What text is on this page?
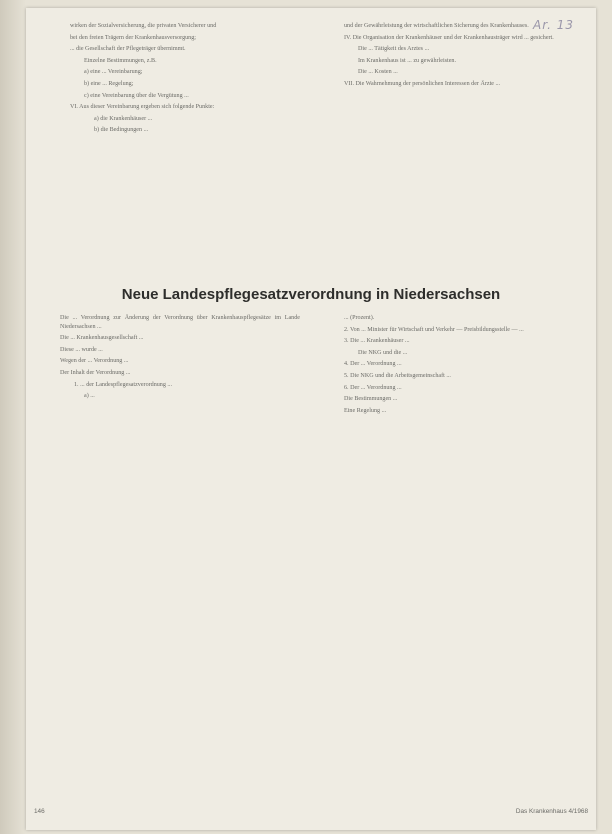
Ar. 13

wirken der Sozialversicherung, die privaten Versicherer und

bei den freien Trägern der Krankenhausversorgung;

... die Gesellschaft der Pflegeträger übernimmt.

Einzelne Bestimmungen, z.B.

a) eine ... Vereinbarung;

b) eine ... Regelung;

c) eine Vereinbarung über die Vergütung ...

VI. Aus dieser Vereinbarung ergeben sich folgende Punkte:

a) die Krankenhäuser ...

b) die Bedingungen ...

und der Gewährleistung der wirtschaftlichen Sicherung des Krankenhauses.

IV. Die Organisation der Krankenhäuser und der Krankenhausträger wird ... gesichert.

Die ... Tätigkeit des Arztes ...

Im Krankenhaus ist ... zu gewährleisten.

Die ... Kosten ...

VII. Die Wahrnehmung der persönlichen Interessen der Ärzte ...

Neue Landespflegesatzverordnung in Niedersachsen

Die ... Verordnung zur Änderung der Verordnung über Krankenhauspflegesätze im Lande Niedersachsen ...

Die ... Krankenhausgesellschaft ...

Diese ... wurde ...

Wegen der ... Verordnung ...

Der Inhalt der Verordnung ...

1. ... der Landespflegesatzverordnung ...

a) ...

... (Prozent).

2. Von ... Minister für Wirtschaft und Verkehr — Preisbildungsstelle — ...

3. Die ... Krankenhäuser ...

Die NKG und die ...

4. Der ... Verordnung ...

5. Die NKG und die Arbeitsgemeinschaft ...

6. Der ... Verordnung ...

Die Bestimmungen ...

Eine Regelung ...

146	Das Krankenhaus 4/1968
